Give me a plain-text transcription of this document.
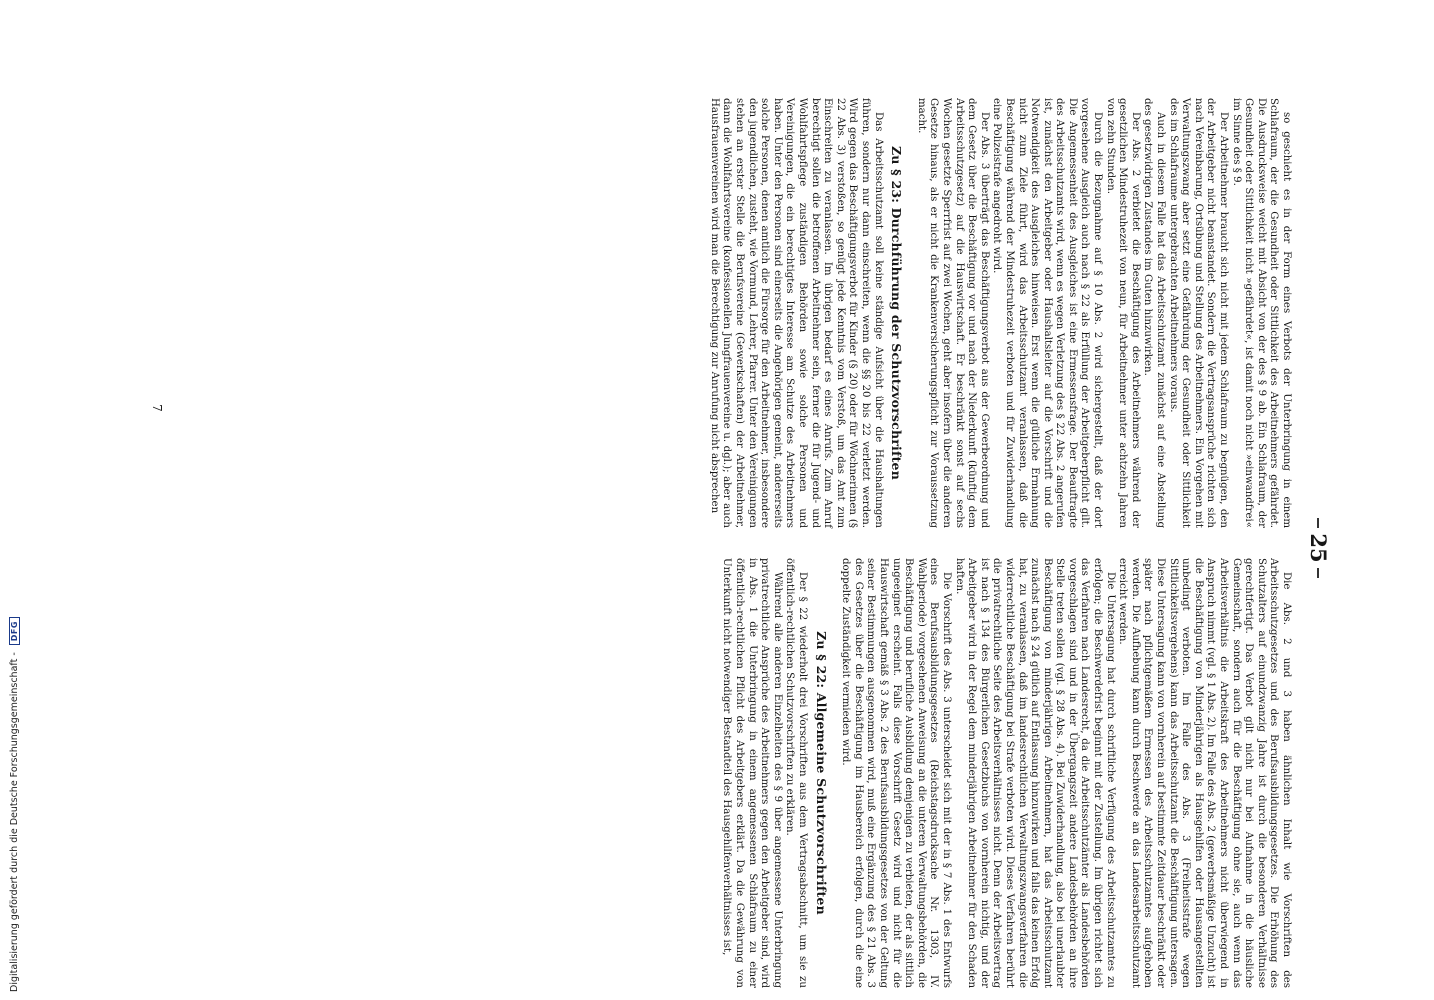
Digitalisierung gefördert durch die Deutsche Forschungsgemeinschaft - DFG
25

so geschieht es in der Form eines Verbots der Unterbringung in einem Schlafraum, der die Gesundheit oder Sittlichkeit des Arbeitnehmers gefährdet. Die Ausdrucksweise weicht mit Absicht von der des § 9 ab. Ein Schlafraum, der Gesundheit oder Sittlichkeit nicht »gefährdet«, ist damit noch nicht »einwandfrei« im Sinne des § 9.

Der Arbeitnehmer braucht sich nicht mit jedem Schlafraum zu begnügen, den der Arbeitgeber nicht beanstandet. Sondern die Vertragsansprüche richten sich nach Vereinbarung, Ortsübung und Stellung des Arbeitnehmers. Ein Vorgehen mit Verwaltungszwang aber setzt eine Gefährdung der Gesundheit oder Sittlichkeit des im Schlafraume untergebrachten Arbeitnehmers voraus.

Auch in diesem Falle hat das Arbeitsschutzamt zunächst auf eine Abstellung des gesetzwidrigen Zustandes im Guten hinzuwirken.

Der Abs. 2 verbietet die Beschäftigung des Arbeitnehmers während der gesetzlichen Mindestruhezeit von neun, für Arbeitnehmer unter achtzehn Jahren von zehn Stunden.

Durch die Bezugnahme auf § 10 Abs. 2 wird sichergestellt, daß der dort vorgesehene Ausgleich auch nach § 22 als Erfüllung der Arbeitgeberpflicht gilt. Die Angemessenheit des Ausgleiches ist eine Ermessensfrage. Der Beauftragte des Arbeitsschutzamts wird, wenn es wegen Verletzung des § 22 Abs. 2 angerufen ist, zunächst den Arbeitgeber oder Haushaltsleiter auf die Vorschrift und die Notwendigkeit des Ausgleiches hinweisen. Erst wenn die gütliche Ermahnung nicht zum Ziele führt, wird das Arbeitsschutzamt veranlassen, daß die Beschäftigung während der Mindestruhezeit verboten und für Zuwiderhandlung eine Polizeistrafe angedroht wird.

Der Abs. 3 überträgt das Beschäftigungsverbot aus der Gewerbeordnung und dem Gesetz über die Beschäftigung vor und nach der Niederkunft (künftig dem Arbeitsschutzgesetz) auf die Hauswirtschaft. Er beschränkt sonst auf sechs Wochen gesetzte Sperrfrist auf zwei Wochen, geht aber insofern über die anderen Gesetze hinaus, als er nicht die Krankenversicherungspflicht zur Voraussetzung macht.

Zu § 23: Durchführung der Schutzvorschriften

Das Arbeitsschutzamt soll keine ständige Aufsicht über die Haushaltungen führen, sondern nur dann einschreiten, wenn die §§ 20 bis 22 verletzt werden. Wird gegen das Beschäftigungsverbot für Kinder (§ 20) oder für Wöchnerinnen (§ 22 Abs. 3) verstoßen, so genügt jede Kenntnis vom Verstoß, um das Amt zum Einschreiten zu veranlassen. Im übrigen bedarf es eines Anrufs. Zum Anruf berechtigt sollen die betroffenen Arbeitnehmer sein, ferner die für Jugend- und Wohlfahrtspflege zuständigen Behörden sowie solche Personen und Vereinigungen, die ein berechtigtes Interesse am Schutze des Arbeitnehmers haben. Unter den Personen sind einerseits die Angehörigen gemeint, andererseits solche Personen, denen amtlich die Fürsorge für den Arbeitnehmer, insbesondere den jugendlichen, zusteht, wie Vormund, Lehrer, Pfarrer. Unter den Vereinigungen stehen an erster Stelle die Berufsvereine (Gewerkschaften) der Arbeitnehmer, dann die Wohlfahrtsvereine (konfessionellen Jungfrauenvereine u. dgl.); aber auch Hausfrauenvereinen wird man die Berechtigung zur Anrufung nicht absprechen

Die Abs. 2 und 3 haben ähnlichen Inhalt wie Vorschriften des Arbeitsschutzgesetzes und des Berufsausbildungsgesetzes. Die Erhöhung des Schutzalters auf einundzwanzig Jahre ist durch die besonderen Verhältnisse gerechtfertigt. Das Verbot gilt nicht nur bei Aufnahme in die häusliche Gemeinschaft, sondern auch für die Beschäftigung ohne sie, auch wenn das Arbeitsverhältnis die Arbeitskraft des Arbeitnehmers nicht überwiegend in Anspruch nimmt (vgl. § 1 Abs. 2). Im Falle des Abs. 2 (gewerbsmäßige Unzucht) ist die Beschäftigung von Minderjährigen als Hausgehilfen oder Hausangestellten unbedingt verboten. Im Falle des Abs. 3 (Freiheitsstrafe wegen Sittlichkeitsvergehens) kann das Arbeitsschutzamt die Beschäftigung untersagen. Diese Untersagung kann von vornherein auf bestimmte Zeitdauer beschränkt oder später nach pflichtgemäßem Ermessen des Arbeitsschutzamtes aufgehoben werden. Die Aufhebung kann durch Beschwerde an das Landesarbeitsschutzamt erreicht werden.

Die Untersagung hat durch schriftliche Verfügung des Arbeitsschutzamtes zu erfolgen; die Beschwerdefrist beginnt mit der Zustellung. Im übrigen richtet sich das Verfahren nach Landesrecht, da die Arbeitsschutzämter als Landesbehörden vorgeschlagen sind und in der Übergangszeit andere Landesbehörden an ihre Stelle treten sollen (vgl. § 28 Abs. 4). Bei Zuwiderhandlung, also bei unerlaubter Beschäftigung von minderjährigen Arbeitnehmern, hat das Arbeitsschutzamt zunächst nach § 24 gütlich auf Entlassung hinzuwirken und falls das keinen Erfolg hat, zu veranlassen, daß im landesrechtlichen Verwaltungszwangsverfahren die widerrechtliche Beschäftigung bei Strafe verboten wird. Dieses Verfahren berührt die privatrechtliche Seite des Arbeitsverhältnisses nicht. Denn der Arbeitsvertrag ist nach § 134 des Bürgerlichen Gesetzbuchs von vornherein nichtig, und der Arbeitgeber wird in der Regel dem minderjährigen Arbeitnehmer für den Schaden haften.

Die Vorschrift des Abs. 3 unterscheidet sich mit der in § 7 Abs. 1 des Entwurfs eines Berufsausbildungsgesetzes (Reichstagsdrucksache Nr. 1303, IV. Wahlperiode) vorgesehenen Anweisung an die unteren Verwaltungsbehörden, die Beschäftigung und berufliche Ausbildung demjenigen zu verbieten, der als sittlich ungeeignet erscheint. Falls diese Vorschrift Gesetz wird und nicht für die Hauswirtschaft gemäß § 3 Abs. 2 des Berufsausbildungsgesetzes von der Geltung seiner Bestimmungen ausgenommen wird, muß eine Ergänzung des § 21 Abs. 3 des Gesetzes über die Beschäftigung im Hausbereich erfolgen, durch die eine doppelte Zuständigkeit vermieden wird.

Zu § 22: Allgemeine Schutzvorschriften

Der § 22 wiederholt drei Vorschriften aus dem Vertragsabschnitt, um sie zu öffentlich-rechtlichen Schutzvorschriften zu erklären.

Während alle anderen Einzelheiten des § 9 über angemessene Unterbringung privatrechtliche Ansprüche des Arbeitnehmers gegen den Arbeitgeber sind, wird in Abs. 1 die Unterbringung in einem angemessenen Schlafraum zu einer öffentlich-rechtlichen Pflicht des Arbeitgebers erklärt. Da die Gewährung von Unterkunft nicht notwendiger Bestandteil des Hausgehilfenverhältnisses ist,

7
